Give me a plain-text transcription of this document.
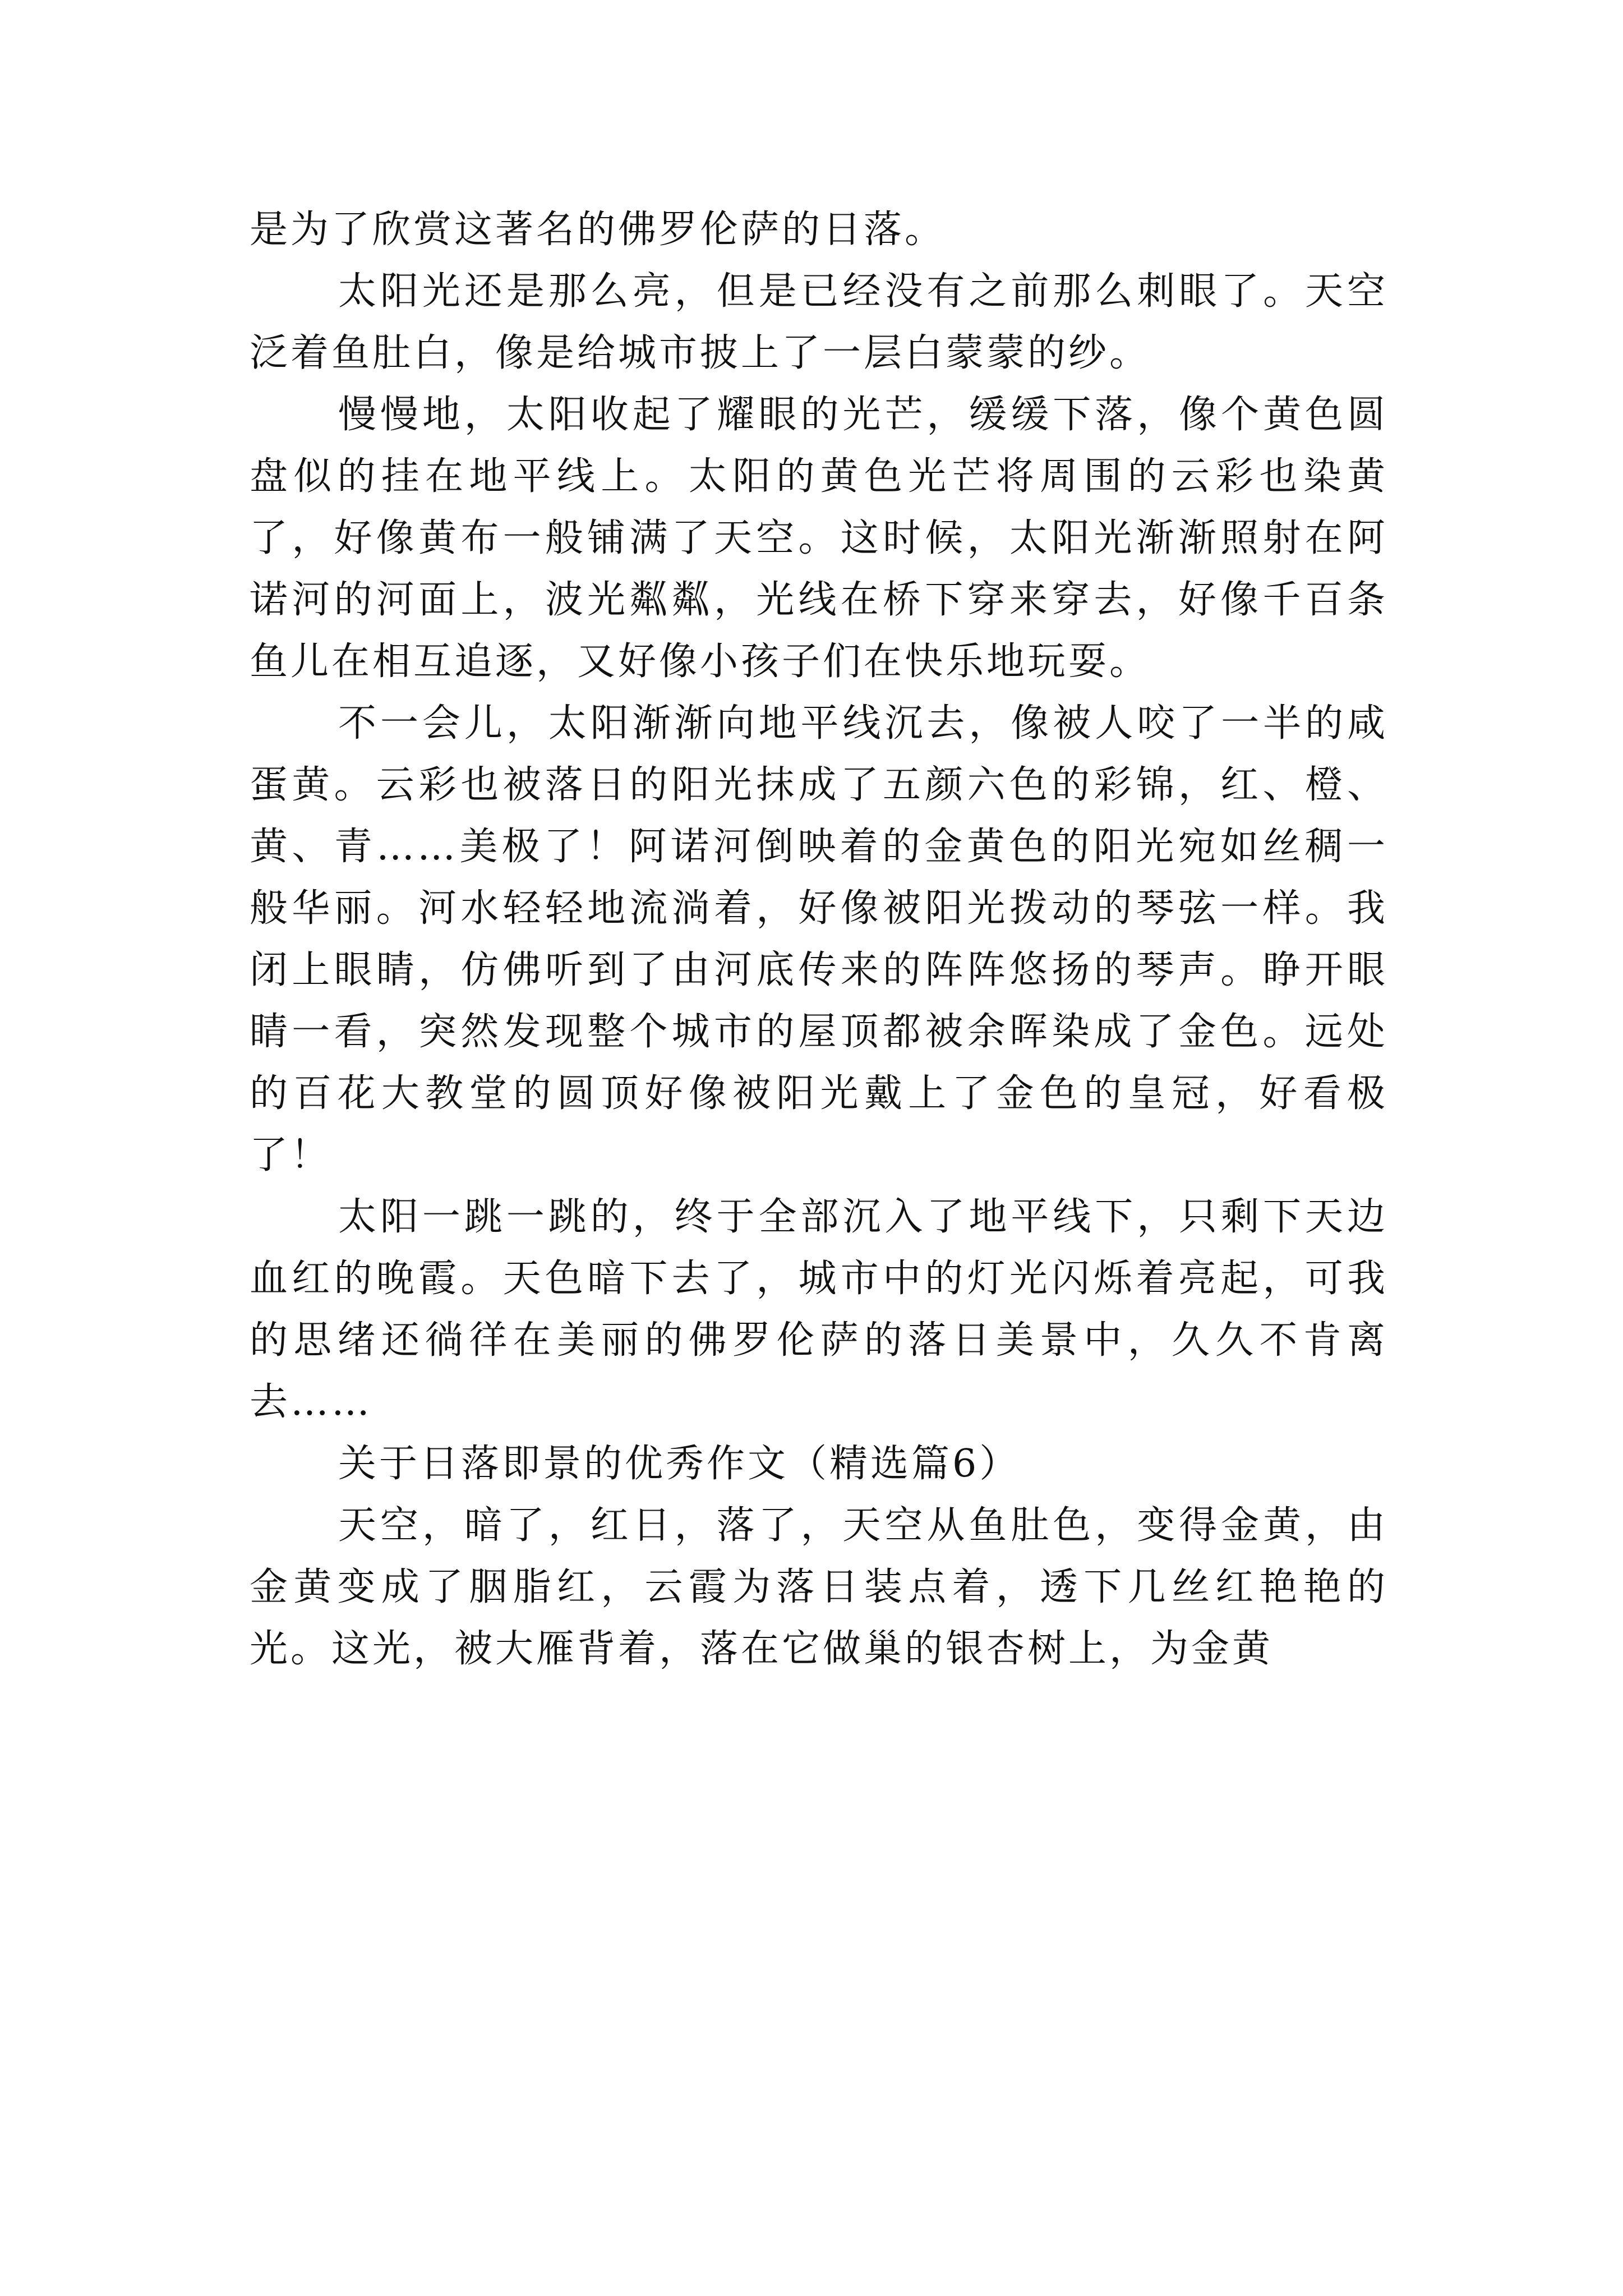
是为了欣赏这著名的佛罗伦萨的日落。

太阳光还是那么亮，但是已经没有之前那么刺眼了。天空泛着鱼肚白，像是给城市披上了一层白蒙蒙的纱。

慢慢地，太阳收起了耀眼的光芒，缓缓下落，像个黄色圆盘似的挂在地平线上。太阳的黄色光芒将周围的云彩也染黄了，好像黄布一般铺满了天空。这时候，太阳光渐渐照射在阿诺河的河面上，波光粼粼，光线在桥下穿来穿去，好像千百条鱼儿在相互追逐，又好像小孩子们在快乐地玩耍。

不一会儿，太阳渐渐向地平线沉去，像被人咬了一半的咸蛋黄。云彩也被落日的阳光抹成了五颜六色的彩锦，红、橙、黄、青……美极了！阿诺河倒映着的金黄色的阳光宛如丝稠一般华丽。河水轻轻地流淌着，好像被阳光拨动的琴弦一样。我闭上眼睛，仿佛听到了由河底传来的阵阵悠扬的琴声。睁开眼睛一看，突然发现整个城市的屋顶都被余晖染成了金色。远处的百花大教堂的圆顶好像被阳光戴上了金色的皇冠，好看极了！

太阳一跳一跳的，终于全部沉入了地平线下，只剩下天边血红的晚霞。天色暗下去了，城市中的灯光闪烁着亮起，可我的思绪还徜徉在美丽的佛罗伦萨的落日美景中，久久不肯离去……

关于日落即景的优秀作文（精选篇6）

天空，暗了，红日，落了，天空从鱼肚色，变得金黄，由金黄变成了胭脂红，云霞为落日装点着，透下几丝红艳艳的光。这光，被大雁背着，落在它做巢的银杏树上，为金黄
